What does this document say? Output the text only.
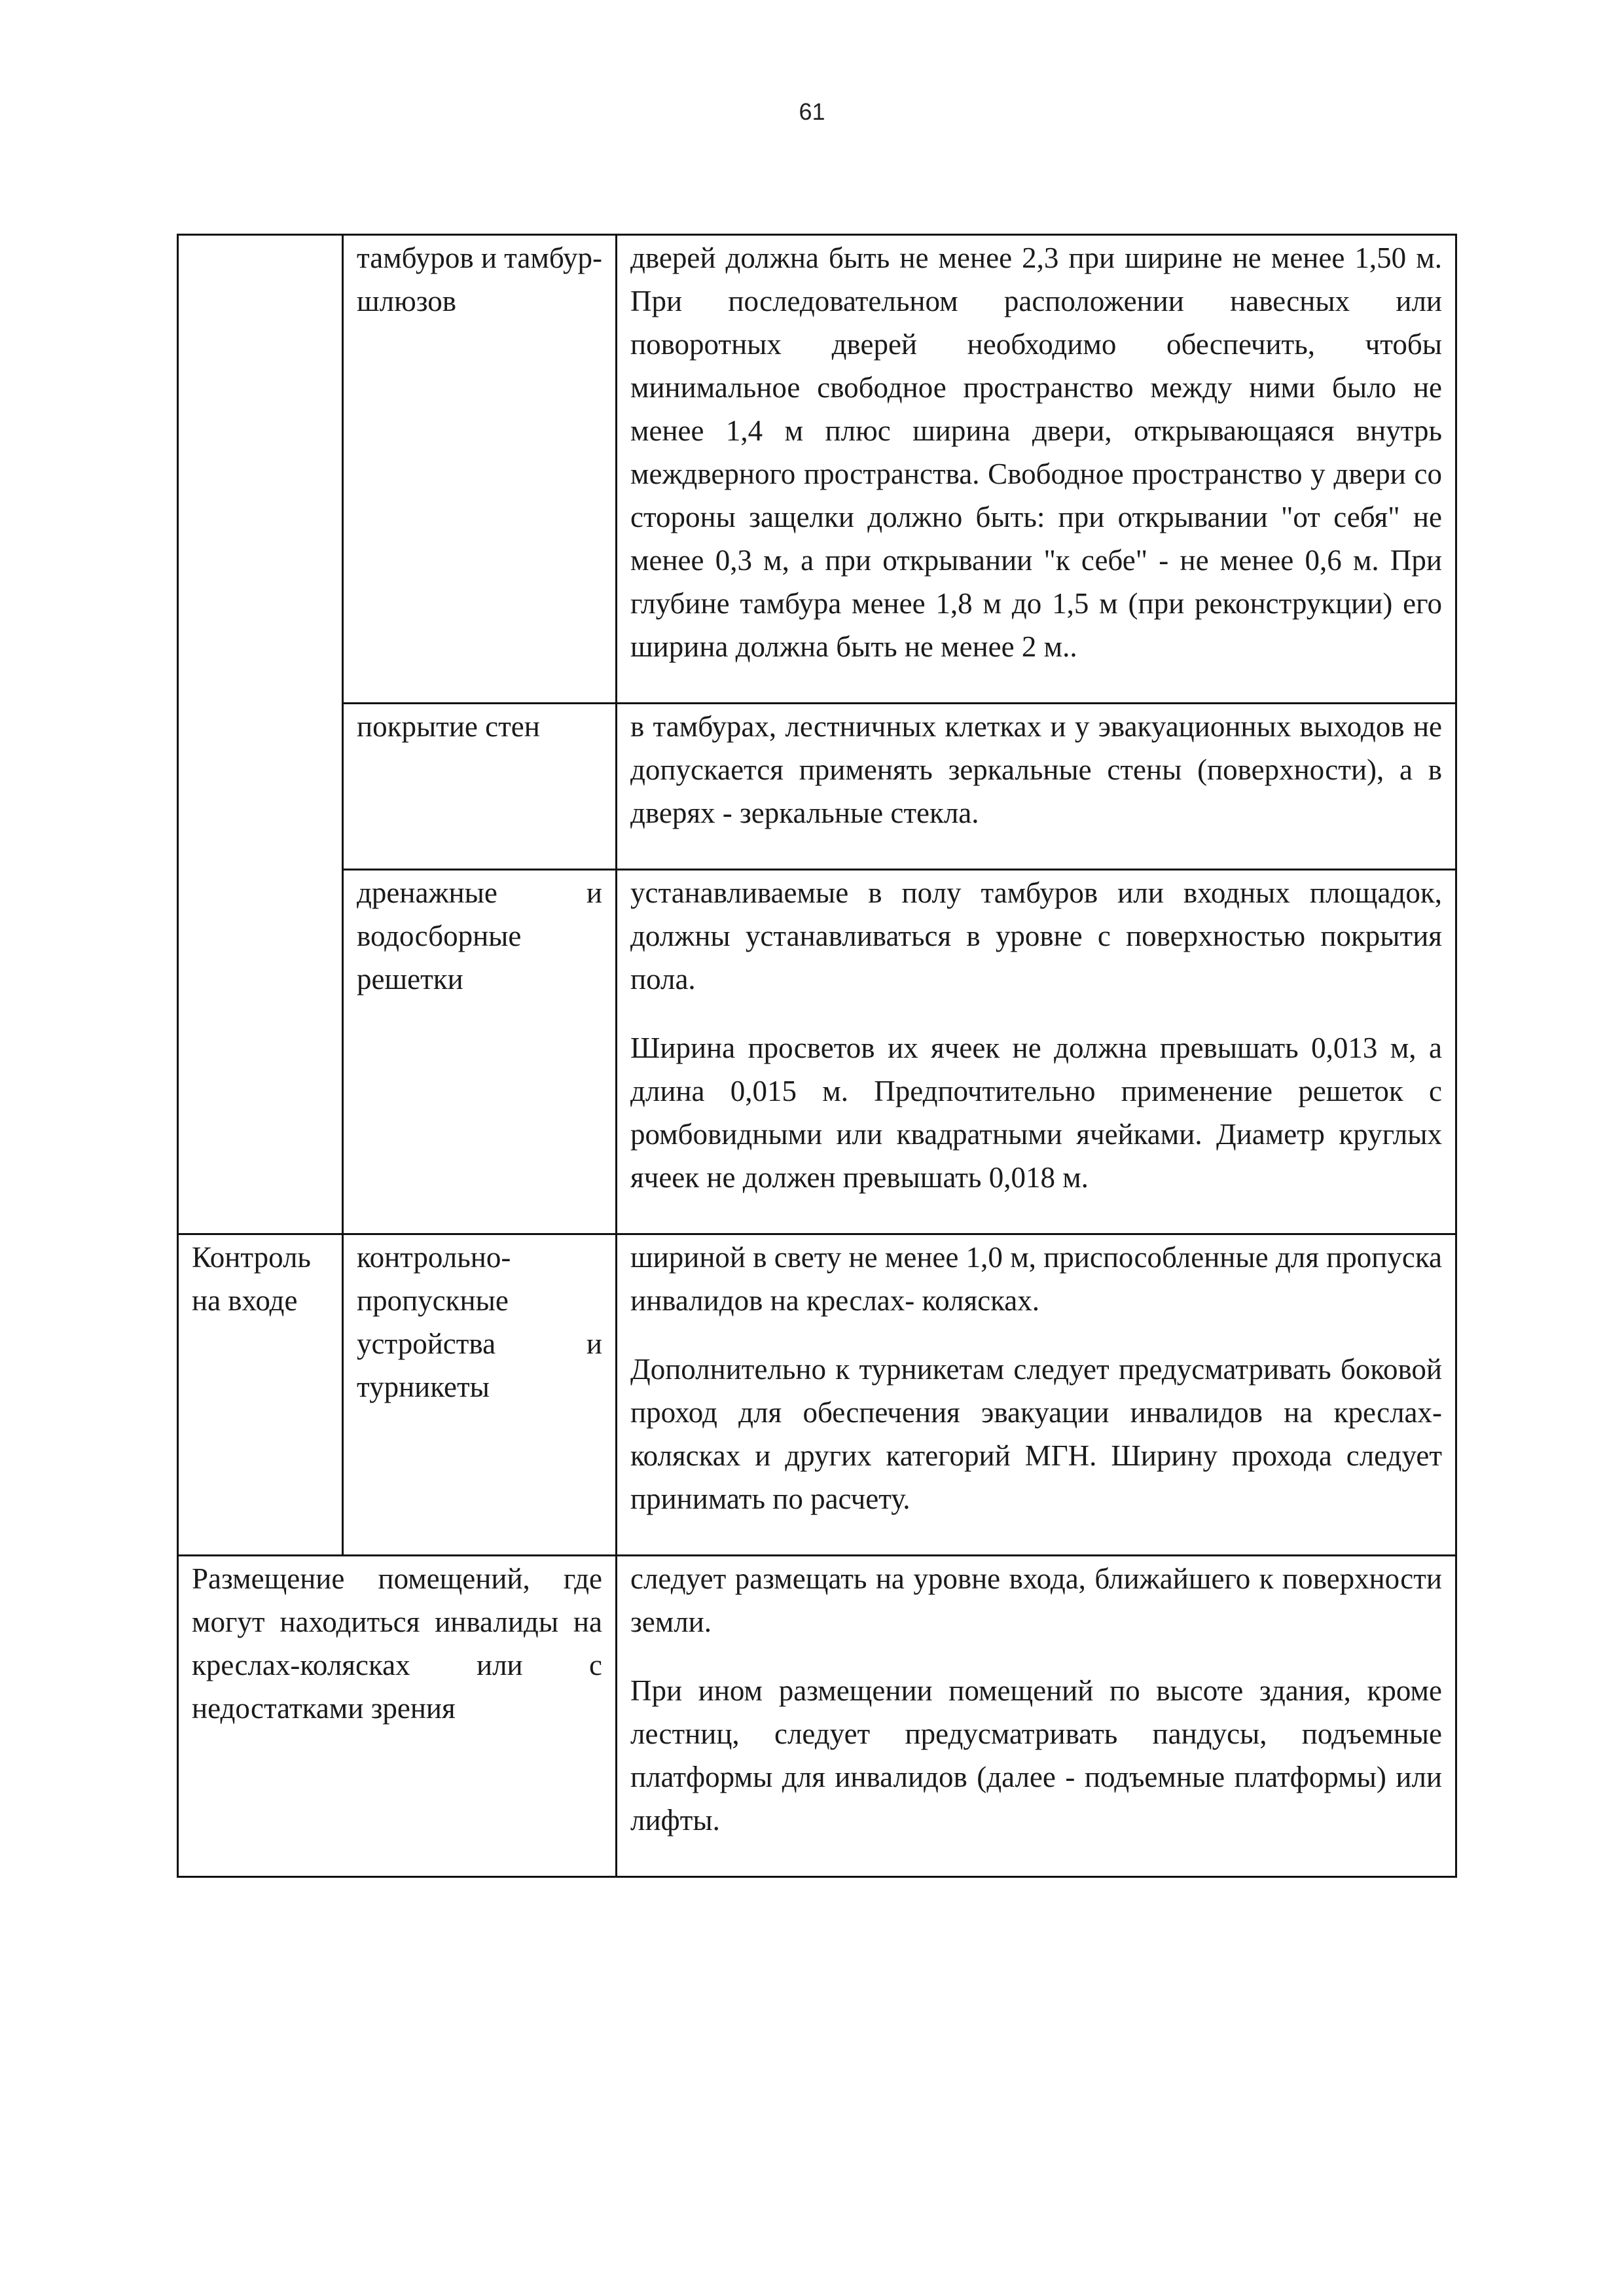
61
	тамбуров и тамбур-шлюзов	дверей должна быть не менее 2,3 при ширине не менее 1,50 м. При последовательном расположении навесных или поворотных дверей необходимо обеспечить, чтобы минимальное свободное пространство между ними было не менее 1,4 м плюс ширина двери, открывающаяся внутрь междверного пространства. Свободное пространство у двери со стороны защелки должно быть: при открывании "от себя" не менее 0,3 м, а при открывании "к себе" - не менее 0,6 м. При глубине тамбура менее 1,8 м до 1,5 м (при реконструкции) его ширина должна быть не менее 2 м..

	покрытие стен	в тамбурах, лестничных клетках и у эвакуационных выходов не допускается применять зеркальные стены (поверхности), а в дверях - зеркальные стекла.

	дренажные и водосборные решетки	устанавливаемые в полу тамбуров или входных площадок, должны устанавливаться в уровне с поверхностью покрытия пола.

Ширина просветов их ячеек не должна превышать 0,013 м, а длина 0,015 м. Предпочтительно применение решеток с ромбовидными или квадратными ячейками. Диаметр круглых ячеек не должен превышать 0,018 м.

Контроль на входе	контрольно-пропускные устройства и турникеты	шириной в свету не менее 1,0 м, приспособленные для пропуска инвалидов на креслах- колясках.

Дополнительно к турникетам следует предусматривать боковой проход для обеспечения эвакуации инвалидов на креслах-колясках и других категорий МГН. Ширину прохода следует принимать по расчету.

Размещение помещений, где могут находиться инвалиды на креслах-колясках или с недостатками зрения		следует размещать на уровне входа, ближайшего к поверхности земли.

При ином размещении помещений по высоте здания, кроме лестниц, следует предусматривать пандусы, подъемные платформы для инвалидов (далее - подъемные платформы) или лифты.
